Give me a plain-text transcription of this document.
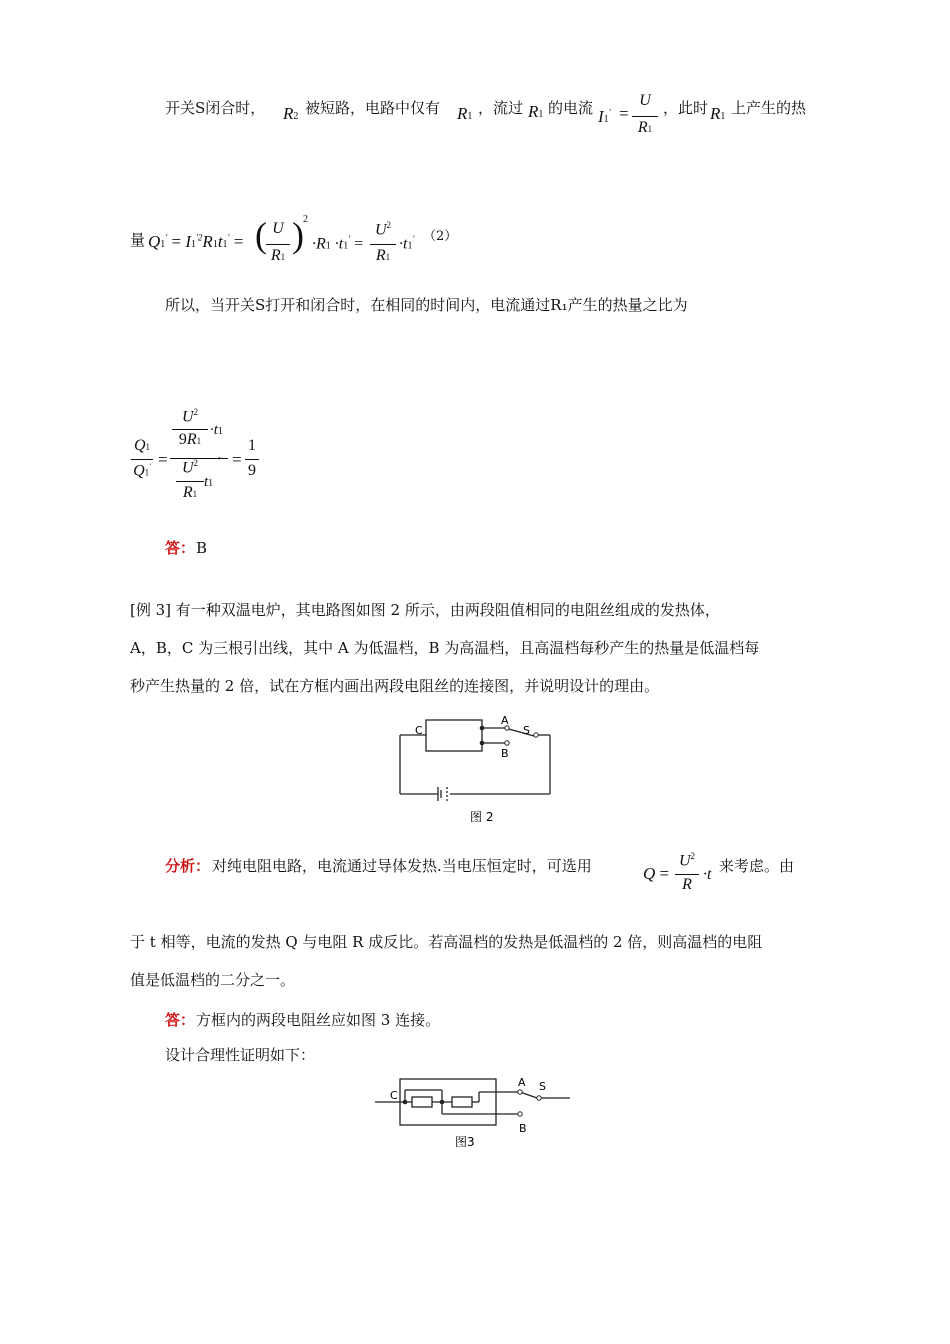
开关S闭合时， R2 被短路，电路中仅有 R1 ，流过 R1 的电流 I1' =
U
R1
，此时 R1 上产生的热
量 $Q1' = I1^{'2}R1t1'$ = ( U
R1
) 2
·R1 ·t1' =
$U^2$
R1
·t1' （2）
所以，当开关S打开和闭合时，在相同的时间内，电流通过R₁产生的热量之比为
Q1
Q1' =
$U^2$
9R1
·t1
,
$U^2$
R1
t1
=
1
9
答： B
[例 3] 有一种双温电炉，其电路图如图 2 所示，由两段阻值相同的电阻丝组成的发热体，
A，B，C 为三根引出线，其中 A 为低温档，B 为高温档，且高温档每秒产生的热量是低温档每
秒产生热量的 2 倍，试在方框内画出两段电阻丝的连接图，并说明设计的理由。
C
A
B
S
图 2
分析： 对纯电阻电路，电流通过导体发热.当电压恒定时，可选用	Q =
$U^2$
R
·t 来考虑。由
于 t 相等，电流的发热 Q 与电阻 R 成反比。若高温档的发热是低温档的 2 倍，则高温档的电阻
值是低温档的二分之一。
答： 方框内的两段电阻丝应如图 3 连接。
设计合理性证明如下：
C
A
B
S
图3
